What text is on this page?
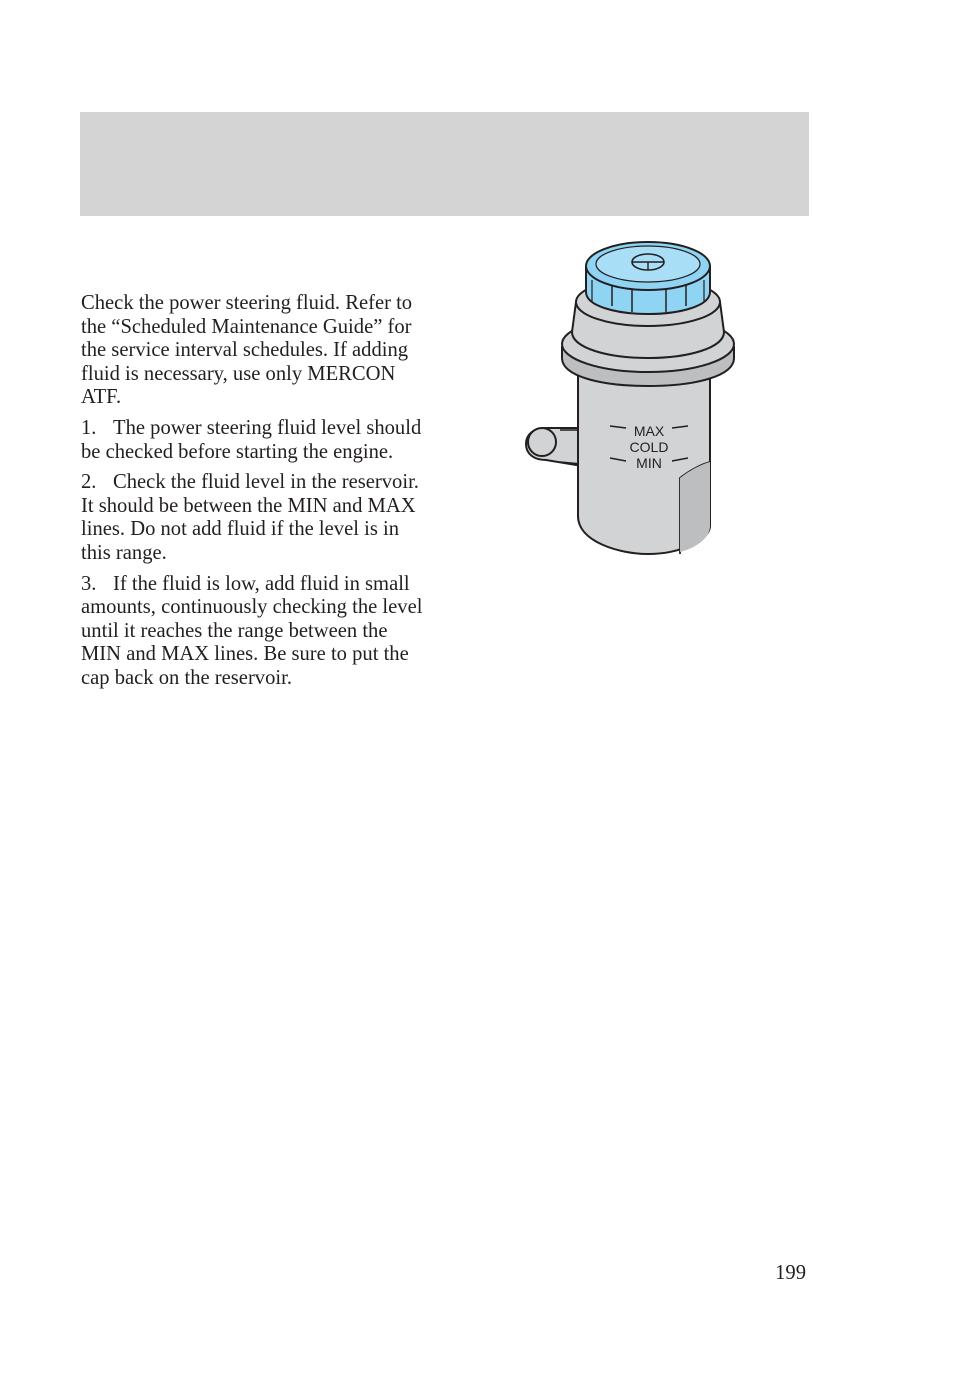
Check the power steering fluid. Refer to the “Scheduled Maintenance Guide” for the service interval schedules. If adding fluid is necessary, use only MERCON ATF.

1. The power steering fluid level should be checked before starting the engine.

2. Check the fluid level in the reservoir. It should be between the MIN and MAX lines. Do not add fluid if the level is in this range.

3. If the fluid is low, add fluid in small amounts, continuously checking the level until it reaches the range between the MIN and MAX lines. Be sure to put the cap back on the reservoir.

MAX
COLD
MIN
199
